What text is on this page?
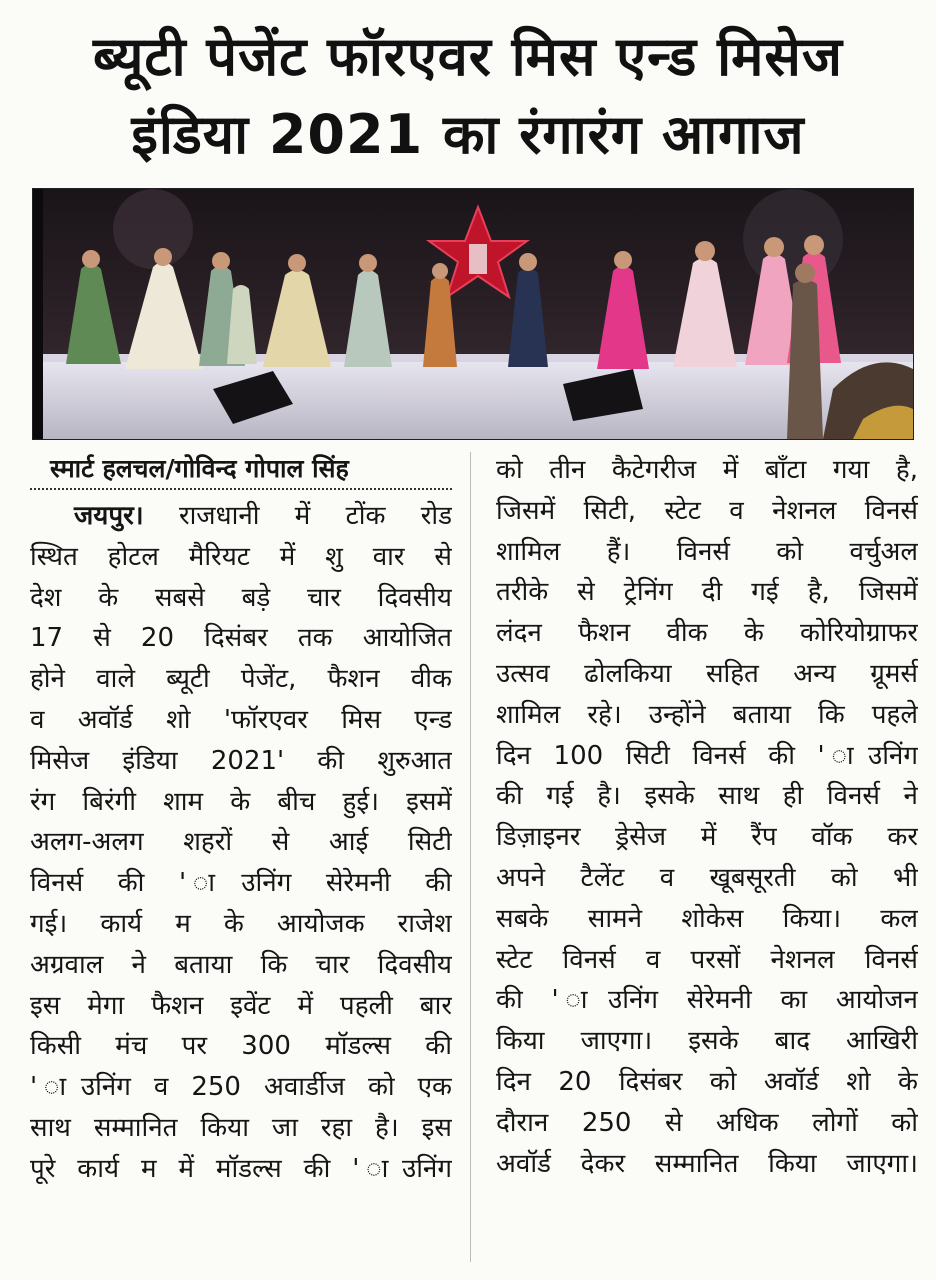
ब्यूटी पेजेंट फॉरएवर मिस एन्ड मिसेज
इंडिया 2021 का रंगारंग आगाज
स्मार्ट हलचल/गोविन्द गोपाल सिंह
जयपुर। राजधानी में टोंक रोड
स्थित होटल मैरियट में शु वार से
देश के सबसे बड़े चार दिवसीय
17 से 20 दिसंबर तक आयोजित
होने वाले ब्यूटी पेजेंट, फैशन वीक
व अवॉर्ड शो 'फॉरएवर मिस एन्ड
मिसेज इंडिया 2021' की शुरुआत
रंग बिरंगी शाम के बीच हुई। इसमें
अलग-अलग शहरों से आई सिटी
विनर्स की ' ाउनिंग सेरेमनी की
गई। कार्य म के आयोजक राजेश
अग्रवाल ने बताया कि चार दिवसीय
इस मेगा फैशन इवेंट में पहली बार
किसी मंच पर 300 मॉडल्स की
' ाउनिंग व 250 अवार्डीज को एक
साथ सम्मानित किया जा रहा है। इस
पूरे कार्य म में मॉडल्स की ' ाउनिंग
को तीन कैटेगरीज में बाँटा गया है,
जिसमें सिटी, स्टेट व नेशनल विनर्स
शामिल हैं। विनर्स को वर्चुअल
तरीके से ट्रेनिंग दी गई है, जिसमें
लंदन फैशन वीक के कोरियोग्राफर
उत्सव ढोलकिया सहित अन्य ग्रूमर्स
शामिल रहे। उन्होंने बताया कि पहले
दिन 100 सिटी विनर्स की ' ाउनिंग
की गई है। इसके साथ ही विनर्स ने
डिज़ाइनर ड्रेसेज में रैंप वॉक कर
अपने टैलेंट व खूबसूरती को भी
सबके सामने शोकेस किया। कल
स्टेट विनर्स व परसों नेशनल विनर्स
की ' ाउनिंग सेरेमनी का आयोजन
किया जाएगा। इसके बाद आखिरी
दिन 20 दिसंबर को अवॉर्ड शो के
दौरान 250 से अधिक लोगों को
अवॉर्ड देकर सम्मानित किया जाएगा।
